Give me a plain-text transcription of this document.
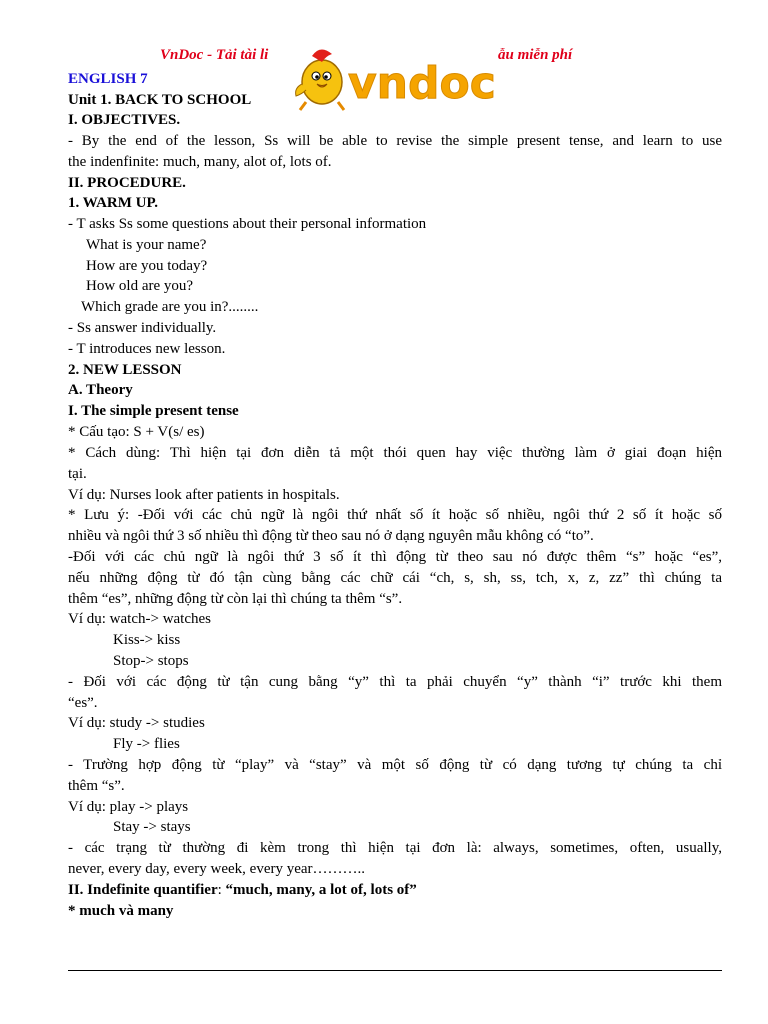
VnDoc - Tải tài li	ẫu miễn phí
vndoc
ENGLISH 7
Unit 1. BACK TO SCHOOL
I. OBJECTIVES.
- By the end of the lesson, Ss will be able to revise the simple present tense, and learn to use
the indenfinite: much, many, alot of, lots of.
II. PROCEDURE.
1. WARM UP.
- T asks Ss some questions about their personal information
What is your name?
How are you today?
How old are you?
Which grade are you in?........
- Ss answer individually.
- T introduces new lesson.
2. NEW LESSON
A. Theory
I. The simple present tense
* Cấu tạo: S + V(s/ es)
* Cách dùng: Thì hiện tại đơn diễn tả một thói quen hay việc thường làm ở giai đoạn hiện
tại.
Ví dụ: Nurses look after patients in hospitals.
* Lưu ý: -Đối với các chủ ngữ là ngôi thứ nhất số ít hoặc số nhiều, ngôi thứ 2 số ít hoặc số
nhiều và ngôi thứ 3 số nhiều thì động từ theo sau nó ở dạng nguyên mẫu không có “to”.
-Đối với các chủ ngữ là ngôi thứ 3 số ít thì động từ theo sau nó được thêm “s” hoặc “es”,
nếu những động từ đó tận cùng bằng các chữ cái “ch, s, sh, ss, tch, x, z, zz” thì chúng ta
thêm “es”, những động từ còn lại thì chúng ta thêm “s”.
Ví dụ: watch-> watches
Kiss-> kiss
Stop-> stops
- Đối với các động từ tận cung bằng “y” thì ta phải chuyển “y” thành “i” trước khi them
“es”.
Ví dụ: study -> studies
Fly -> flies
- Trường hợp động từ “play” và “stay” và một số động từ có dạng tương tự chúng ta chỉ
thêm “s”.
Ví dụ: play -> plays
Stay -> stays
- các trạng từ thường đi kèm trong thì hiện tại đơn là: always, sometimes, often, usually,
never, every day, every week, every year………..
II. Indefinite quantifier: “much, many, a lot of, lots of”
* much và many
